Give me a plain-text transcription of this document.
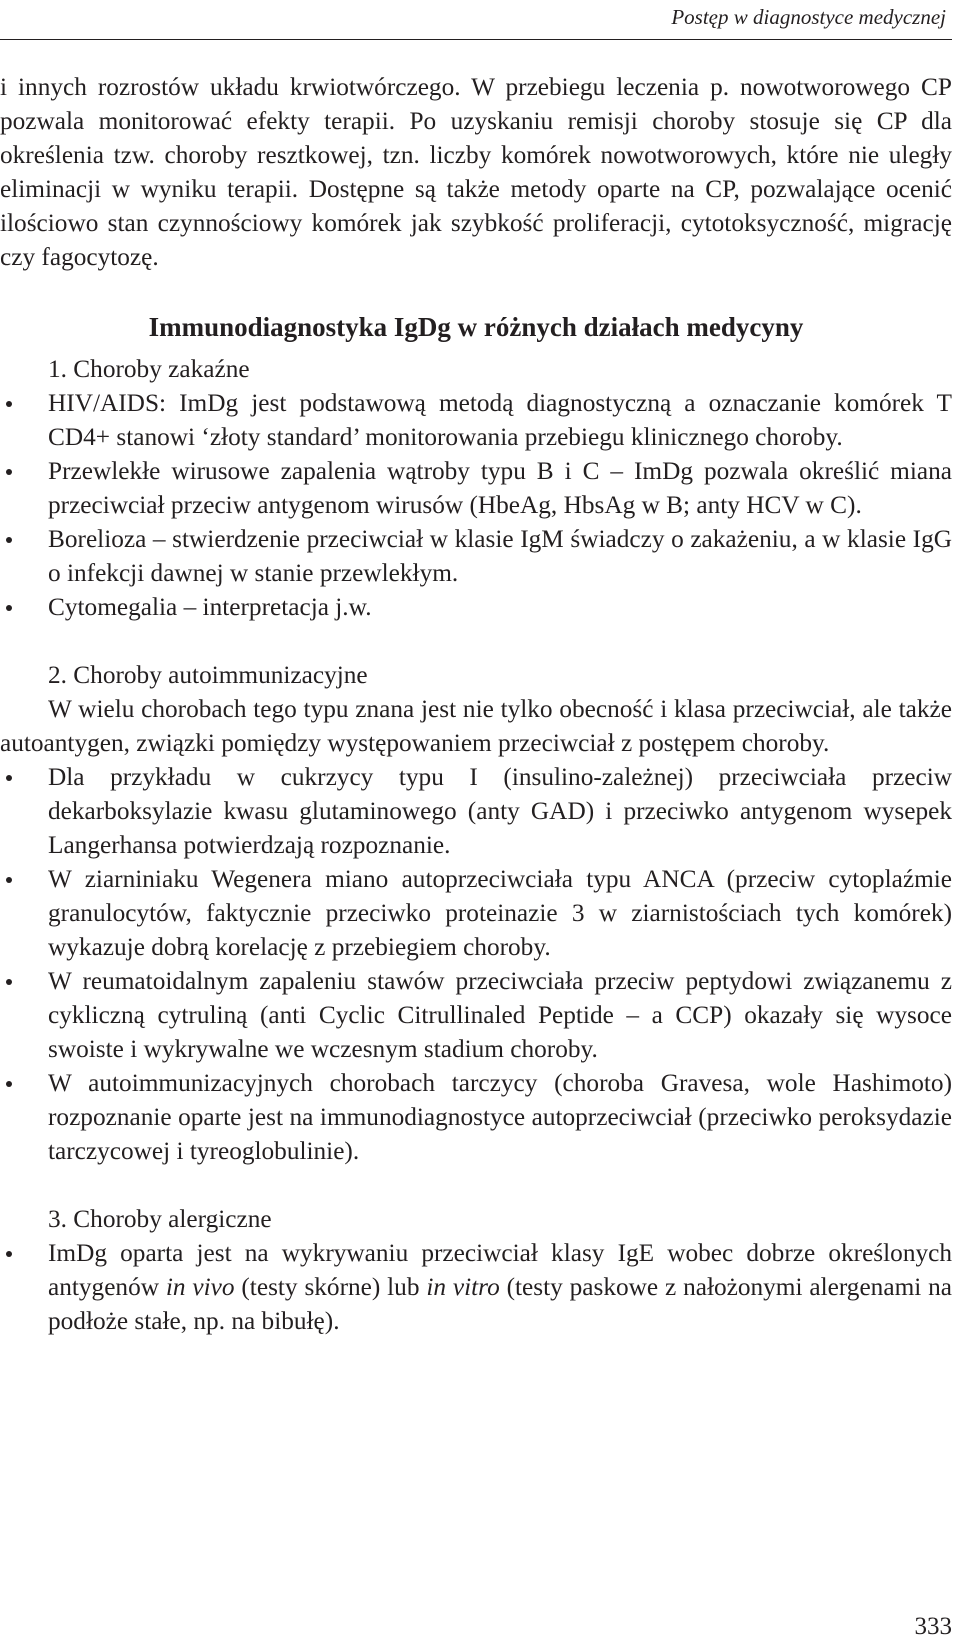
Postęp w diagnostyce medycznej

i innych rozrostów układu krwiotwórczego. W przebiegu leczenia p. nowotworowego CP pozwala monitorować efekty terapii. Po uzyskaniu remisji choroby stosuje się CP dla określenia tzw. choroby resztkowej, tzn. liczby komórek nowotworowych, które nie uległy eliminacji w wyniku terapii. Dostępne są także metody oparte na CP, pozwalające ocenić ilościowo stan czynnościowy komórek jak szybkość proliferacji, cytotoksyczność, migrację czy fagocytozę.

Immunodiagnostyka IgDg w różnych działach medycyny

1. Choroby zakaźne

HIV/AIDS: ImDg jest podstawową metodą diagnostyczną a oznaczanie komórek T CD4+ stanowi ‘złoty standard’ monitorowania przebiegu klinicznego choroby.
Przewlekłe wirusowe zapalenia wątroby typu B i C – ImDg pozwala określić miana przeciwciał przeciw antygenom wirusów (HbeAg, HbsAg w B; anty HCV w C).
Borelioza – stwierdzenie przeciwciał w klasie IgM świadczy o zakażeniu, a w klasie IgG o infekcji dawnej w stanie przewlekłym.
Cytomegalia – interpretacja j.w.

2. Choroby autoimmunizacyjne

W wielu chorobach tego typu znana jest nie tylko obecność i klasa przeciwciał, ale także autoantygen, związki pomiędzy występowaniem przeciwciał z postępem choroby.

Dla przykładu w cukrzycy typu I (insulino-zależnej) przeciwciała przeciw dekarboksylazie kwasu glutaminowego (anty GAD) i przeciwko antygenom wysepek Langerhansa potwierdzają rozpoznanie.
W ziarniniaku Wegenera miano autoprzeciwciała typu ANCA (przeciw cytoplaźmie granulocytów, faktycznie przeciwko proteinazie 3 w ziarnistościach tych komórek) wykazuje dobrą korelację z przebiegiem choroby.
W reumatoidalnym zapaleniu stawów przeciwciała przeciw peptydowi związanemu z cykliczną cytruliną (anti Cyclic Citrullinaled Peptide – a CCP) okazały się wysoce swoiste i wykrywalne we wczesnym stadium choroby.
W autoimmunizacyjnych chorobach tarczycy (choroba Gravesa, wole Hashimoto) rozpoznanie oparte jest na immunodiagnostyce autoprzeciwciał (przeciwko peroksydazie tarczycowej i tyreoglobulinie).

3. Choroby alergiczne

ImDg oparta jest na wykrywaniu przeciwciał klasy IgE wobec dobrze określonych antygenów in vivo (testy skórne) lub in vitro (testy paskowe z nałożonymi alergenami na podłoże stałe, np. na bibułę).
333
